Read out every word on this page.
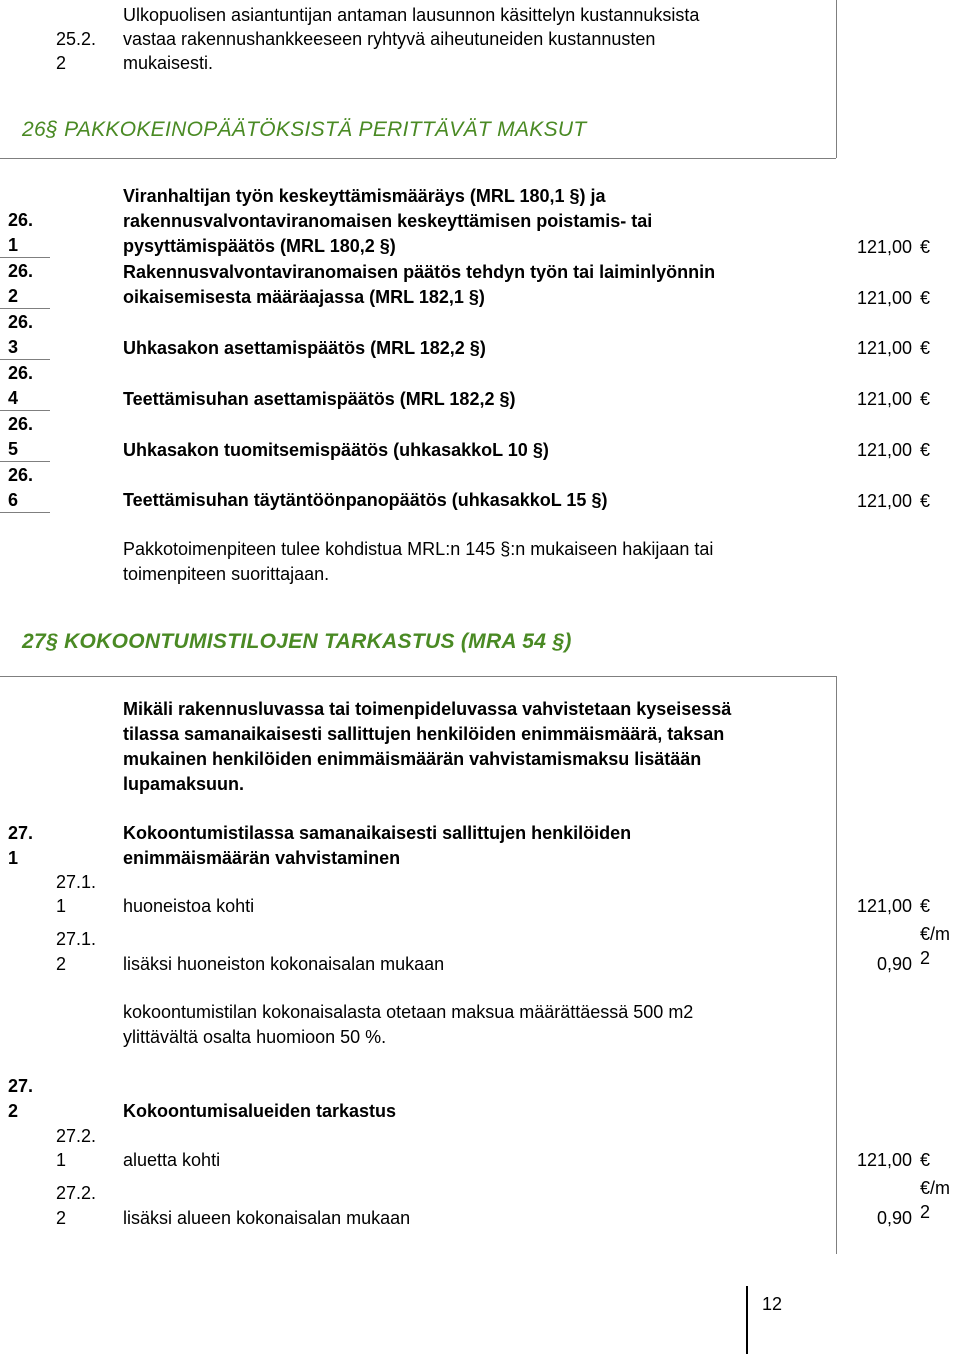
25.2.
2
Ulkopuolisen asiantuntijan antaman lausunnon käsittelyn kustannuksista
vastaa rakennushankkeeseen ryhtyvä aiheutuneiden kustannusten
mukaisesti.
26§ PAKKOKEINOPÄÄTÖKSISTÄ PERITTÄVÄT MAKSUT
26.
1
Viranhaltijan työn keskeyttämismääräys (MRL 180,1 §) ja
rakennusvalvontaviranomaisen keskeyttämisen poistamis- tai
pysyttämispäätös (MRL 180,2 §)	121,00 €
26.
2
Rakennusvalvontaviranomaisen päätös tehdyn työn tai laiminlyönnin
oikaisemisesta määräajassa (MRL 182,1 §)	121,00 €
26.
3	Uhkasakon asettamispäätös (MRL 182,2 §)	121,00 €
26.
4	Teettämisuhan asettamispäätös (MRL 182,2 §)	121,00 €
26.
5	Uhkasakon tuomitsemispäätös (uhkasakkoL 10 §)	121,00 €
26.
6	Teettämisuhan täytäntöönpanopäätös (uhkasakkoL 15 §)	121,00 €
Pakkotoimenpiteen tulee kohdistua MRL:n 145 §:n mukaiseen hakijaan tai
toimenpiteen suorittajaan.
27§ KOKOONTUMISTILOJEN TARKASTUS (MRA 54 §)
Mikäli rakennusluvassa tai toimenpideluvassa vahvistetaan kyseisessä
tilassa samanaikaisesti sallittujen henkilöiden enimmäismäärä, taksan
mukainen henkilöiden enimmäismäärän vahvistamismaksu lisätään
lupamaksuun.
27.
1
Kokoontumistilassa samanaikaisesti sallittujen henkilöiden
enimmäismäärän vahvistaminen
27.1.
1	huoneistoa kohti	121,00 €
27.1.
2	lisäksi huoneiston kokonaisalan mukaan	0,90
€/m
2
kokoontumistilan kokonaisalasta otetaan maksua määrättäessä 500 m2
ylittävältä osalta huomioon 50 %.
27.
2	Kokoontumisalueiden tarkastus
27.2.
1	aluetta kohti	121,00 €
27.2.
2	lisäksi alueen kokonaisalan mukaan	0,90
€/m
2
12
